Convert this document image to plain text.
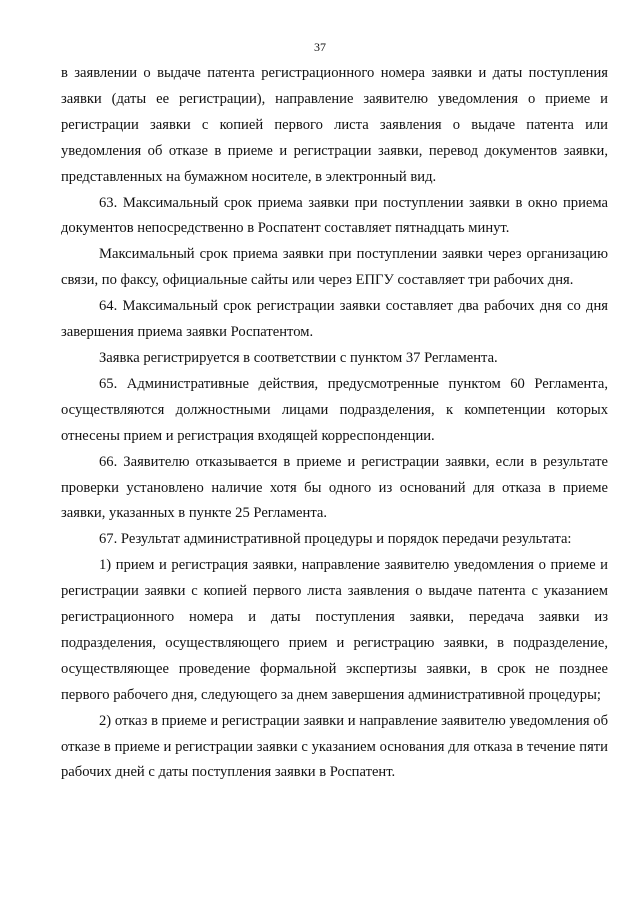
37

в заявлении о выдаче патента регистрационного номера заявки и даты поступления заявки (даты ее регистрации), направление заявителю уведомления о приеме и регистрации заявки с копией первого листа заявления о выдаче патента или уведомления об отказе в приеме и регистрации заявки, перевод документов заявки, представленных на бумажном носителе, в электронный вид.

63. Максимальный срок приема заявки при поступлении заявки в окно приема документов непосредственно в Роспатент составляет пятнадцать минут.

Максимальный срок приема заявки при поступлении заявки через организацию связи, по факсу, официальные сайты или через ЕПГУ составляет три рабочих дня.

64. Максимальный срок регистрации заявки составляет два рабочих дня со дня завершения приема заявки Роспатентом.

Заявка регистрируется в соответствии с пунктом 37 Регламента.

65. Административные действия, предусмотренные пунктом 60 Регламента, осуществляются должностными лицами подразделения, к компетенции которых отнесены прием и регистрация входящей корреспонденции.

66. Заявителю отказывается в приеме и регистрации заявки, если в результате проверки установлено наличие хотя бы одного из оснований для отказа в приеме заявки, указанных в пункте 25 Регламента.

67. Результат административной процедуры и порядок передачи результата:

1) прием и регистрация заявки, направление заявителю уведомления о приеме и регистрации заявки с копией первого листа заявления о выдаче патента с указанием регистрационного номера и даты поступления заявки, передача заявки из подразделения, осуществляющего прием и регистрацию заявки, в подразделение, осуществляющее проведение формальной экспертизы заявки, в срок не позднее первого рабочего дня, следующего за днем завершения административной процедуры;

2) отказ в приеме и регистрации заявки и направление заявителю уведомления об отказе в приеме и регистрации заявки с указанием основания для отказа в течение пяти рабочих дней с даты поступления заявки в Роспатент.
